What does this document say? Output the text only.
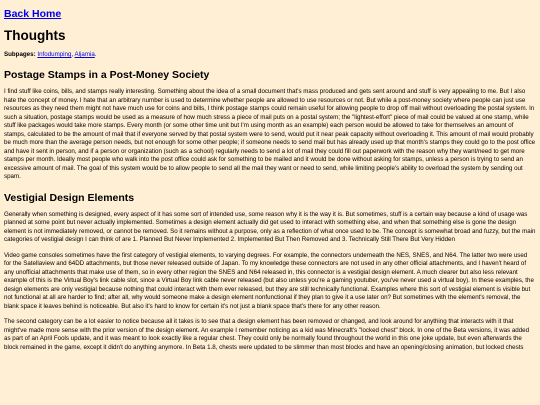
Back Home
Thoughts
Subpages: Infodumping, Aljamia.
Postage Stamps in a Post-Money Society

I find stuff like coins, bills, and stamps really interesting. Something about the idea of a small document that's mass produced and gets sent around and stuff is very appealing to me. But I also hate the concept of money. I hate that an arbitrary number is used to determine whether people are allowed to use resources or not. But while a post-money society where people can just use resources as they need them might not have much use for coins and bills, I think postage stamps could remain useful for allowing people to drop off mail without overloading the postal system. In such a situation, postage stamps would be used as a measure of how much stress a piece of mail puts on a postal system; the "lightest-effort" piece of mail could be valued at one stamp, while stuff like packages would take more stamps. Every month (or some other time unit but I'm using month as an example) each person would be allowed to take for themselves an amount of stamps, calculated to be the amount of mail that if everyone served by that postal system were to send, would put it near peak capacity without overloading it. This amount of mail would probably be much more than the average person needs, but not enough for some other people; if someone needs to send mail but has already used up that month's stamps they could go to the post office and have it sent in person, and if a person or organization (such as a school) regularly needs to send a lot of mail they could fill out paperwork with the reason why they want/need to get more stamps per month. Ideally most people who walk into the post office could ask for something to be mailed and it would be done without asking for stamps, unless a person is trying to send an excessive amount of mail. The goal of this system would be to allow people to send all the mail they want or need to send, while limiting people's ability to overload the system by sending out spam.

Vestigial Design Elements

Generally when something is designed, every aspect of it has some sort of intended use, some reason why it is the way it is. But sometimes, stuff is a certain way because a kind of usage was planned at some point but never actually implemented. Sometimes a design element actually did get used to interact with something else, and when that something else is gone the design element is not immediately removed, or cannot be removed. So it remains without a purpose, only as a reflection of what once used to be. The concept is somewhat broad and fuzzy, but the main categories of vestigial design I can think of are 1. Planned But Never Implemented 2. Implemented But Then Removed and 3. Technically Still There But Very Hidden

Video game consoles sometimes have the first category of vestigial elements, to varying degrees. For example, the connectors underneath the NES, SNES, and N64. The latter two were used for the Satellaview and 64DD attachments, but those never released outside of Japan. To my knowledge these connectors are not used in any other official attachments, and I haven't heard of any unofficial attachments that make use of them, so in every other region the SNES and N64 released in, this connector is a vestigial design element. A much clearer but also less relevant example of this is the Virtual Boy's link cable slot, since a Virtual Boy link cable never released (but also unless you're a gaming youtuber, you've never used a virtual boy). In these examples, the design elements are only vestigial because nothing that could interact with them ever released, but they are still technically functional. Examples where this sort of vestigial element is visible but not functional at all are harder to find; after all, why would someone make a design element nonfunctional if they plan to give it a use later on? But sometimes with the element's removal, the blank space it leaves behind is noticeable. But also it's hard to know for certain it's not just a blank space that's there for any other reason.

The second category can be a lot easier to notice because all it takes is to see that a design element has been removed or changed, and look around for anything that interacts with it that might've made more sense with the prior version of the design element. An example I remember noticing as a kid was Minecraft's "locked chest" block. In one of the Beta versions, it was added as part of an April Fools update, and it was meant to look exactly like a regular chest. They could only be normally found throughout the world in this one joke update, but even afterwards the block remained in the game, except it didn't do anything anymore. In Beta 1.8, chests were updated to be slimmer than most blocks and have an opening/closing animation, but locked chests
